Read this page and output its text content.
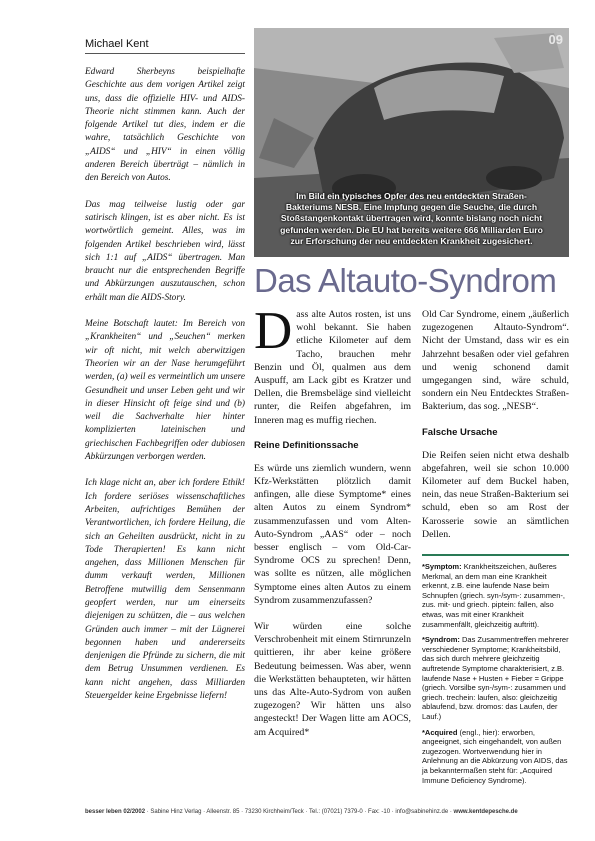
Michael Kent

Edward Sherbeyns beispielhafte Geschichte aus dem vorigen Artikel zeigt uns, dass die offizielle HIV- und AIDS-Theorie nicht stimmen kann. Auch der folgende Artikel tut dies, indem er die wahre, tatsächlich Geschichte von „AIDS“ und „HIV“ in einen völlig anderen Bereich überträgt – nämlich in den Bereich von Autos.

Das mag teilweise lustig oder gar satirisch klingen, ist es aber nicht. Es ist wortwörtlich gemeint. Alles, was im folgenden Artikel beschrieben wird, lässt sich 1:1 auf „AIDS“ übertragen. Man braucht nur die entsprechenden Begriffe und Abkürzungen auszutauschen, schon erhält man die AIDS-Story.

Meine Botschaft lautet: Im Bereich von „Krankheiten“ und „Seuchen“ merken wir oft nicht, mit welch aberwitzigen Theorien wir an der Nase herumgeführt werden, (a) weil es vermeintlich um unsere Gesundheit und unser Leben geht und wir in dieser Hinsicht oft feige sind und (b) weil die Sachverhalte hier hinter komplizierten lateinischen und griechischen Fachbegriffen oder dubiosen Abkürzungen verborgen werden.

Ich klage nicht an, aber ich fordere Ethik! Ich fordere seriöses wissenschaftliches Arbeiten, aufrichtiges Bemühen der Verantwortlichen, ich fordere Heilung, die sich an Geheilten ausdrückt, nicht in zu Tode Therapierten! Es kann nicht angehen, dass Millionen Menschen für dumm verkauft werden, Millionen Betroffene mutwillig dem Sensenmann geopfert werden, nur um einerseits diejenigen zu schützen, die – aus welchen Gründen auch immer – mit der Lügnerei begonnen haben und andererseits denjenigen die Pfründe zu sichern, die mit dem Betrug Unsummen verdienen. Es kann nicht angehen, dass Milliarden Steuergelder keine Ergebnisse liefern!

09
Im Bild ein typisches Opfer des neu entdeckten Straßen-Bakteriums NESB. Eine Impfung gegen die Seuche, die durch Stoßstangenkontakt übertragen wird, konnte bislang noch nicht gefunden werden. Die EU hat bereits weitere 666 Milliarden Euro zur Erforschung der neu entdeckten Krankheit zugesichert.
Das Altauto-Syndrom

Dass alte Autos rosten, ist uns wohl bekannt. Sie haben etliche Kilometer auf dem Tacho, brauchen mehr Benzin und Öl, qualmen aus dem Auspuff, am Lack gibt es Kratzer und Dellen, die Bremsbeläge sind vielleicht runter, die Reifen abgefahren, im Inneren mag es muffig riechen.

Reine Definitionssache

Es würde uns ziemlich wundern, wenn Kfz-Werkstätten plötzlich damit anfingen, alle diese Symptome* eines alten Autos zu einem Syndrom* zusammenzufassen und vom Alten-Auto-Syndrom „AAS“ oder – noch besser englisch – vom Old-Car-Syndrome OCS zu sprechen! Denn, was sollte es nützen, alle möglichen Symptome eines alten Autos zu einem Syndrom zusammenzufassen?

Wir würden eine solche Verschrobenheit mit einem Stirnrunzeln quittieren, ihr aber keine größere Bedeutung beimessen. Was aber, wenn die Werkstätten behaupteten, wir hätten uns das Alte-Auto-Sydrom von außen zugezogen? Wir hätten uns also angesteckt! Der Wagen litte am AOCS, am Acquired*

Old Car Syndrome, einem „äußerlich zugezogenen Altauto-Syndrom“. Nicht der Umstand, dass wir es ein Jahrzehnt besaßen oder viel gefahren und wenig schonend damit umgegangen sind, wäre schuld, sondern ein Neu Entdecktes Straßen-Bakterium, das sog. „NESB“.

Falsche Ursache

Die Reifen seien nicht etwa deshalb abgefahren, weil sie schon 10.000 Kilometer auf dem Buckel haben, nein, das neue Straßen-Bakterium sei schuld, eben so am Rost der Karosserie sowie an sämtlichen Dellen.

*Symptom: Krankheitszeichen, äußeres Merkmal, an dem man eine Krankheit erkennt, z.B. eine laufende Nase beim Schnupfen (griech. syn-/sym-: zusammen-, zus. mit- und griech. piptein: fallen, also etwas, was mit einer Krankheit zusammenfällt, gleichzeitig auftritt).

*Syndrom: Das Zusammentreffen mehrerer verschiedener Symptome; Krankheitsbild, das sich durch mehrere gleichzeitig auftretende Symptome charakterisiert, z.B. laufende Nase + Husten + Fieber = Grippe (griech. Vorsilbe syn-/sym-: zusammen und griech. trechein: laufen, also: gleichzeitig ablaufend, bzw. dromos: das Laufen, der Lauf.)

*Acquired (engl., hier): erworben, angeeignet, sich eingehandelt, von außen zugezogen. Wortverwendung hier in Anlehnung an die Abkürzung von AIDS, das ja bekanntermaßen steht für: „Acquired Immune Deficiency Syndrome).

besser leben 02/2002 · Sabine Hinz Verlag · Alleenstr. 85 · 73230 Kirchheim/Teck · Tel.: (07021) 7379-0 · Fax: -10 · info@sabinehinz.de · www.kentdepesche.de
